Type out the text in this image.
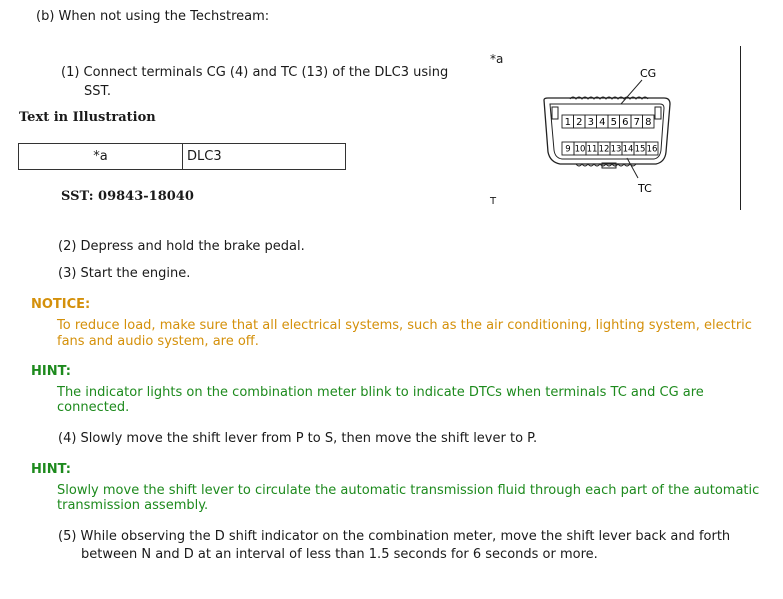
(b) When not using the Techstream:
(1) Connect terminals CG (4) and TC (13) of the DLC3 using
SST.
Text in Illustration
*a	DLC3
SST: 09843-18040
*a
T
1 2 3 4 5 6 7 8
9 10 11 12 13 14 15 16
CG
TC
(2) Depress and hold the brake pedal.
(3) Start the engine.
NOTICE:
To reduce load, make sure that all electrical systems, such as the air conditioning, lighting system, electric
fans and audio system, are off.
HINT:
The indicator lights on the combination meter blink to indicate DTCs when terminals TC and CG are
connected.
(4) Slowly move the shift lever from P to S, then move the shift lever to P.
HINT:
Slowly move the shift lever to circulate the automatic transmission fluid through each part of the automatic
transmission assembly.
(5) While observing the D shift indicator on the combination meter, move the shift lever back and forth
between N and D at an interval of less than 1.5 seconds for 6 seconds or more.
